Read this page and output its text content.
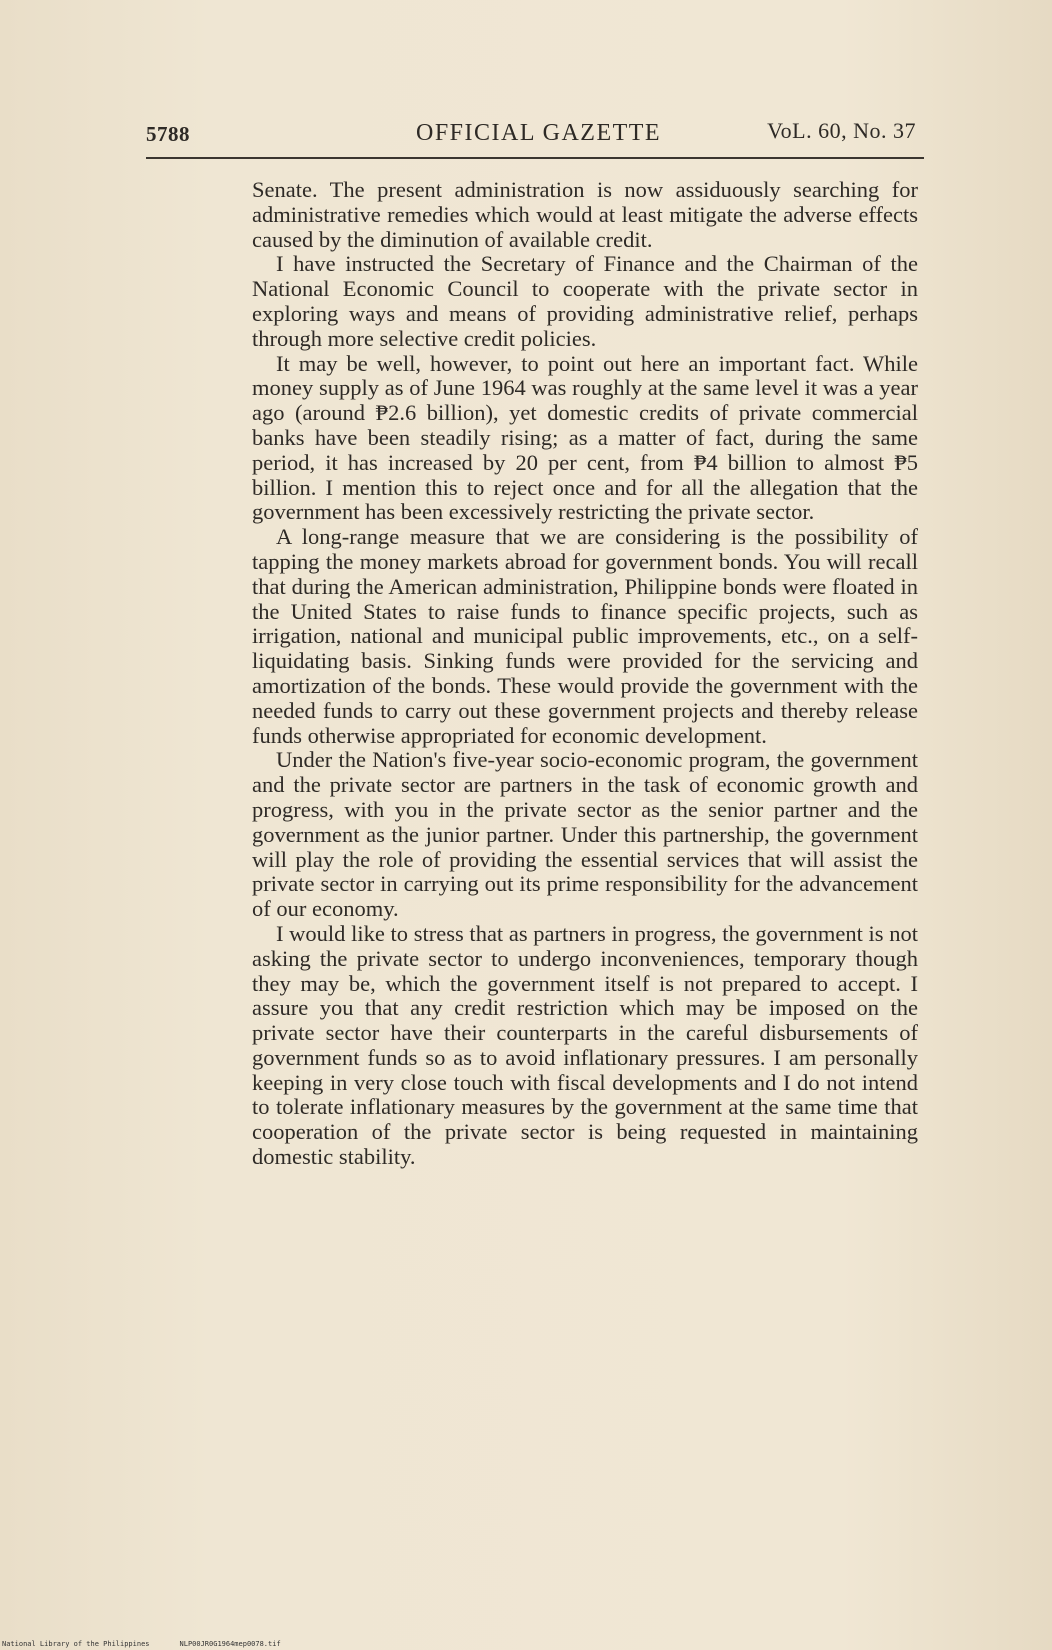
5788	OFFICIAL GAZETTE	VoL. 60, No. 37

Senate. The present administration is now assiduously searching for administrative remedies which would at least mitigate the adverse effects caused by the diminution of available credit.

I have instructed the Secretary of Finance and the Chairman of the National Economic Council to cooperate with the private sector in exploring ways and means of providing administrative relief, perhaps through more selective credit policies.

It may be well, however, to point out here an important fact. While money supply as of June 1964 was roughly at the same level it was a year ago (around ₱2.6 billion), yet domestic credits of private commercial banks have been steadily rising; as a matter of fact, during the same period, it has increased by 20 per cent, from ₱4 billion to almost ₱5 billion. I mention this to reject once and for all the allegation that the government has been excessively restricting the private sector.

A long-range measure that we are considering is the possibility of tapping the money markets abroad for government bonds. You will recall that during the American administration, Philippine bonds were floated in the United States to raise funds to finance specific projects, such as irrigation, national and municipal public improvements, etc., on a self-liquidating basis. Sinking funds were provided for the servicing and amortization of the bonds. These would provide the government with the needed funds to carry out these government projects and thereby release funds otherwise appropriated for economic development.

Under the Nation's five-year socio-economic program, the government and the private sector are partners in the task of economic growth and progress, with you in the private sector as the senior partner and the government as the junior partner. Under this partnership, the government will play the role of providing the essential services that will assist the private sector in carrying out its prime responsibility for the advancement of our economy.

I would like to stress that as partners in progress, the government is not asking the private sector to undergo inconveniences, temporary though they may be, which the government itself is not prepared to accept. I assure you that any credit restriction which may be imposed on the private sector have their counterparts in the careful disbursements of government funds so as to avoid inflationary pressures. I am personally keeping in very close touch with fiscal developments and I do not intend to tolerate inflationary measures by the government at the same time that cooperation of the private sector is being requested in maintaining domestic stability.

National Library of the Philippines	NLP00JR0G1964mep0078.tif
